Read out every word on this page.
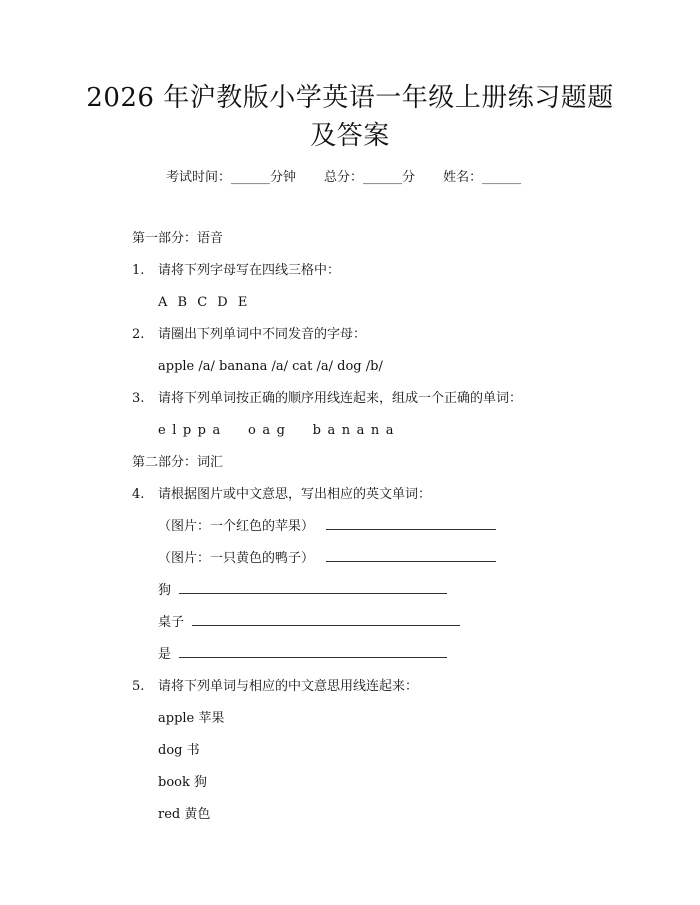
2026 年沪教版小学英语一年级上册练习题题
及答案
考试时间：______分钟 总分：______分 姓名：______
第一部分：语音
1. 请将下列字母写在四线三格中：
A B C D E
2. 请圈出下列单词中不同发音的字母：
apple /a/ banana /a/ cat /a/ dog /b/
3. 请将下列单词按正确的顺序用线连起来，组成一个正确的单词：
elppa  oag  banana
第二部分：词汇
4. 请根据图片或中文意思，写出相应的英文单词：
（图片：一个红色的苹果）
（图片：一只黄色的鸭子）
狗
桌子
是
5. 请将下列单词与相应的中文意思用线连起来：
apple 苹果
dog 书
book 狗
red 黄色
